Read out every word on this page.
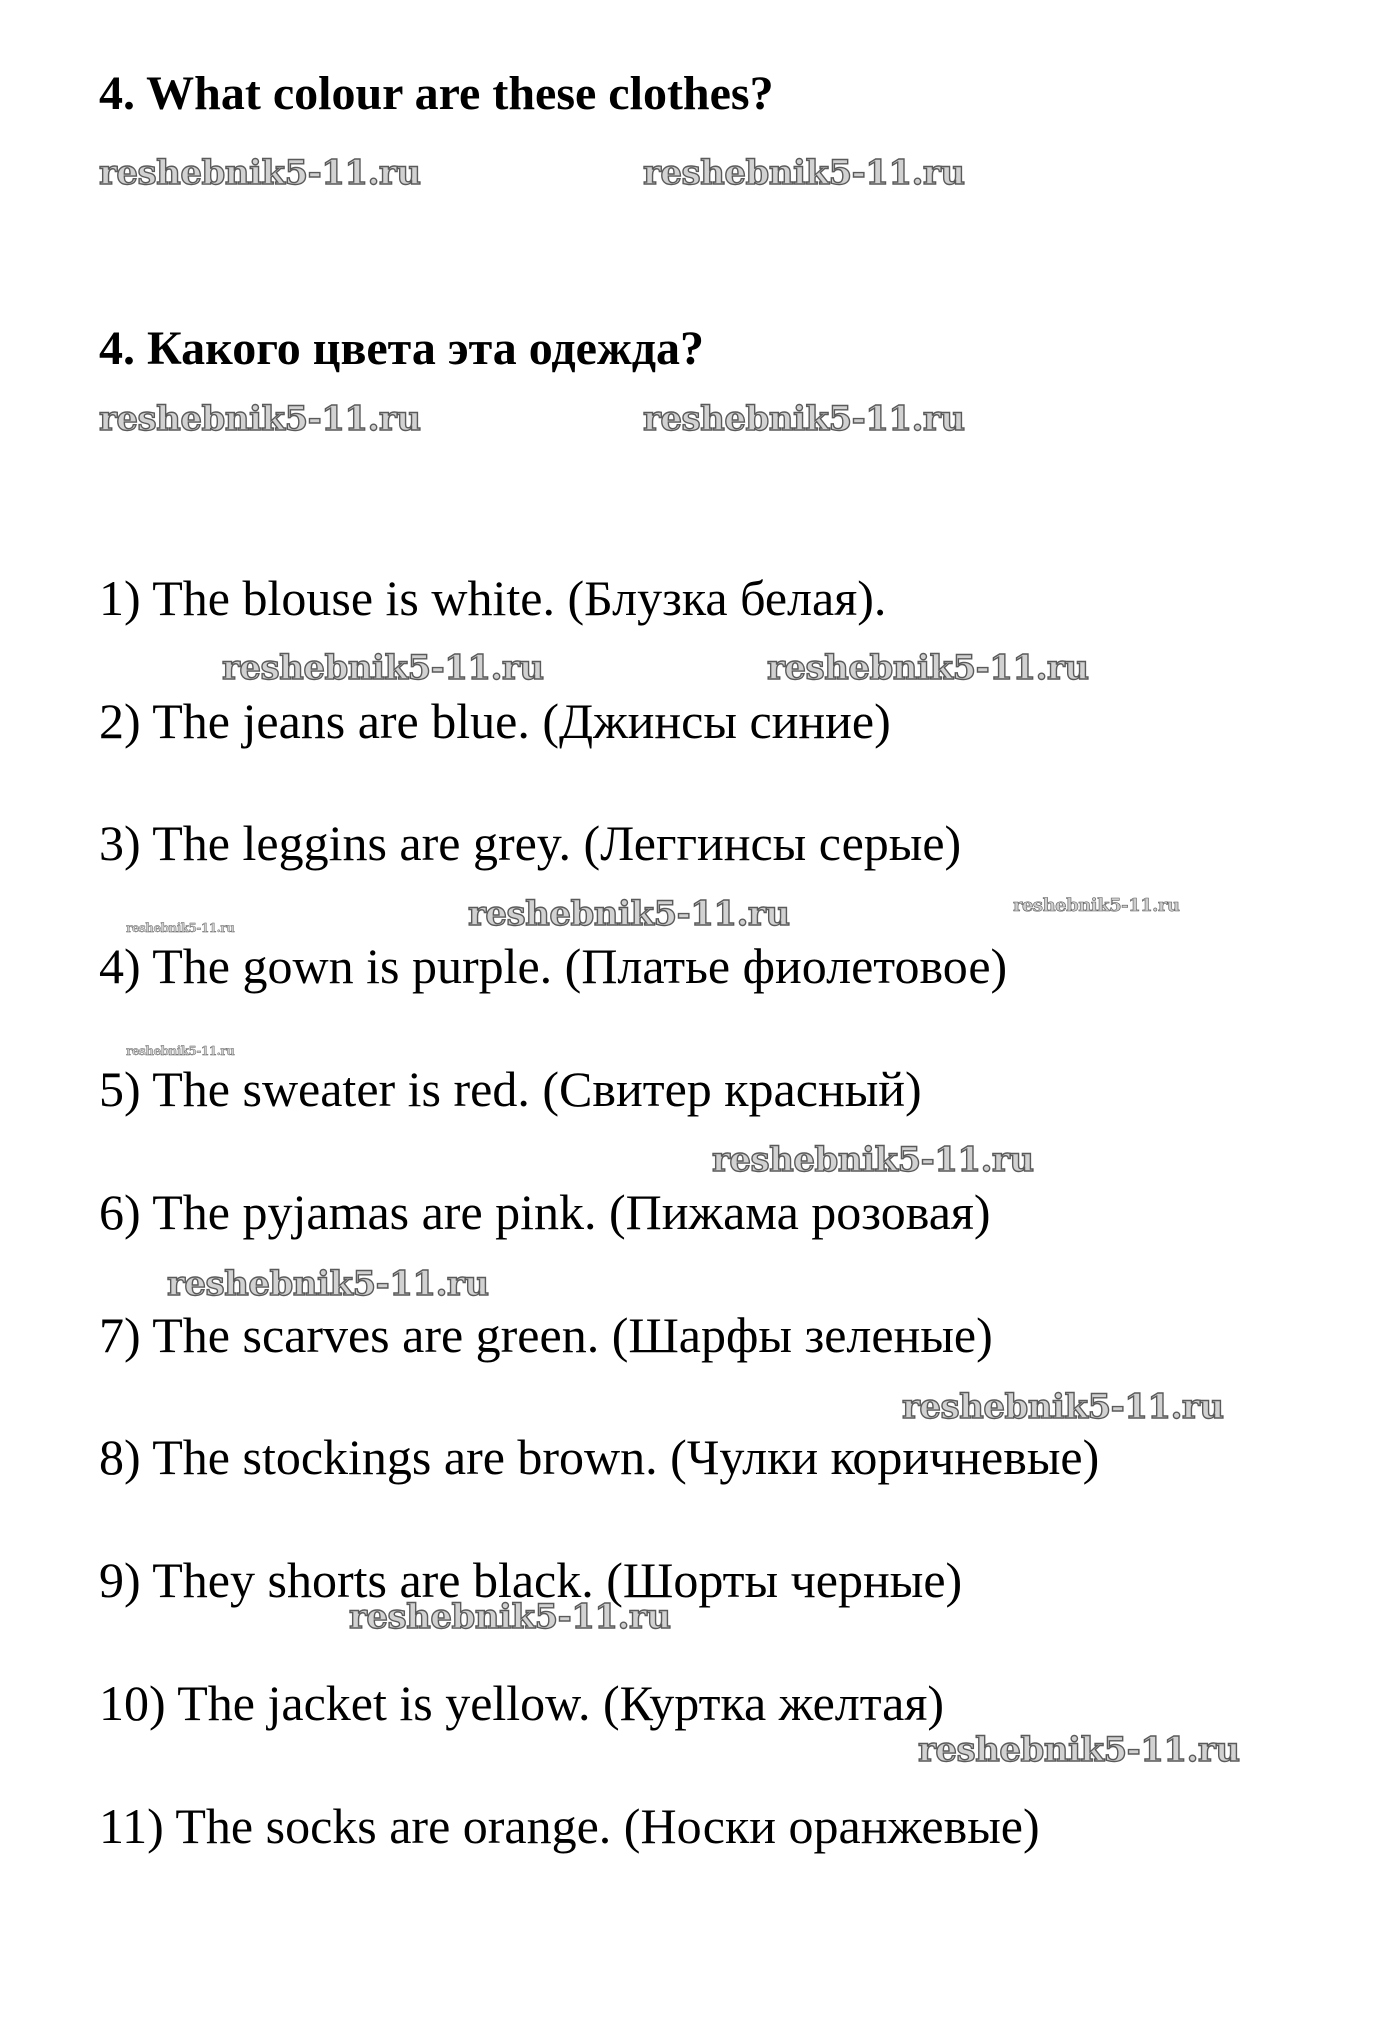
4. What colour are these clothes?
4. Какого цвета эта одежда?

1) The blouse is white. (Блузка белая).

2) The jeans are blue. (Джинсы синие)

3) The leggins are grey. (Леггинсы серые)

4) The gown is purple. (Платье фиолетовое)

5) The sweater is red. (Свитер красный)

6) The pyjamas are pink. (Пижама розовая)

7) The scarves are green. (Шарфы зеленые)

8) The stockings are brown. (Чулки коричневые)

9) They shorts are black. (Шорты черные)

10) The jacket is yellow. (Куртка желтая)

11) The socks are orange. (Носки оранжевые)

reshebnik5-11.ru	reshebnik5-11.ru
reshebnik5-11.ru	reshebnik5-11.ru
reshebnik5-11.ru	reshebnik5-11.ru
reshebnik5-11.ru	reshebnik5-11.ru
reshebnik5-11.ru
reshebnik5-11.ru
reshebnik5-11.ru
reshebnik5-11.ru
reshebnik5-11.ru
reshebnik5-11.ru
reshebnik5-11.ru
